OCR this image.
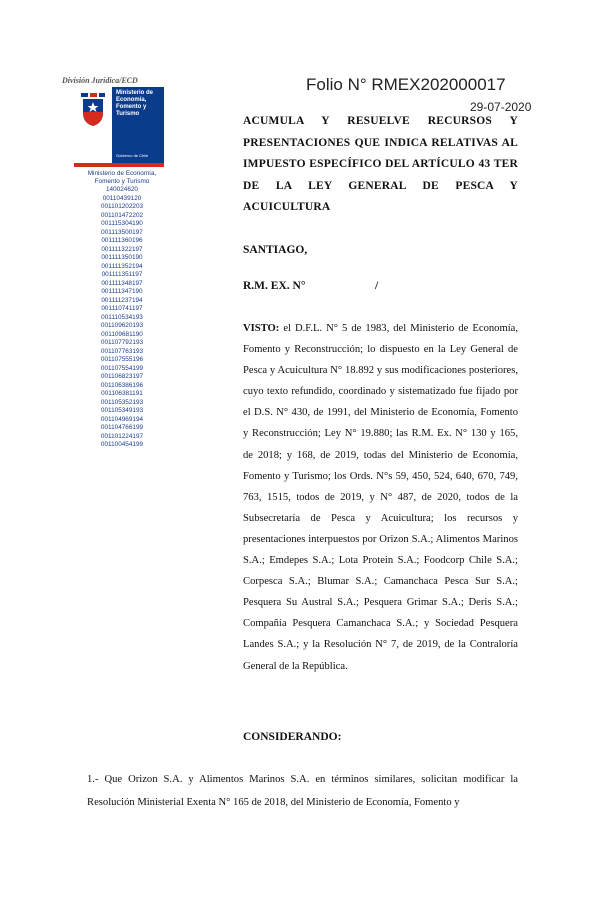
División Jurídica/ECD
Ministerio de Economía, Fomento y Turismo
Gobierno de Chile
Ministerio de Economía,
Fomento y Turismo
140024620
00110439120
001101202203
001101472202
001115304190
001113500197
001111360196
001111322197
001111350190
001111352194
001111351197
001111348197
001111347190
001111237194
001110741197
001110534193
001109620193
001109681190
001107792193
001107763193
001107555196
001107554199
001106823197
001106386196
001106381191
001105352193
001105349193
001104969194
001104766199
001101224197
001100454199
Folio N° RMEX202000017
29-07-2020
ACUMULA Y RESUELVE RECURSOS Y PRESENTACIONES QUE INDICA RELATIVAS AL IMPUESTO ESPECÍFICO DEL ARTÍCULO 43 TER DE LA LEY GENERAL DE PESCA Y ACUICULTURA
SANTIAGO,
R.M. EX. N°	/
VISTO: el D.F.L. N° 5 de 1983, del Ministerio de Economía, Fomento y Reconstrucción; lo dispuesto en la Ley General de Pesca y Acuicultura N° 18.892 y sus modificaciones posteriores, cuyo texto refundido, coordinado y sistematizado fue fijado por el D.S. N° 430, de 1991, del Ministerio de Economía, Fomento y Reconstrucción; Ley N° 19.880; las R.M. Ex. N° 130 y 165, de 2018; y 168, de 2019, todas del Ministerio de Economía, Fomento y Turismo; los Ords. N°s 59, 450, 524, 640, 670, 749, 763, 1515, todos de 2019, y N° 487, de 2020, todos de la Subsecretaría de Pesca y Acuicultura; los recursos y presentaciones interpuestos por Orizon S.A.; Alimentos Marinos S.A.; Emdepes S.A.; Lota Protein S.A.; Foodcorp Chile S.A.; Corpesca S.A.; Blumar S.A.; Camanchaca Pesca Sur S.A.; Pesquera Su Austral S.A.; Pesquera Grimar S.A.; Deris S.A.; Compañía Pesquera Camanchaca S.A.; y Sociedad Pesquera Landes S.A.; y la Resolución N° 7, de 2019, de la Contraloría General de la República.
CONSIDERANDO:
1.- Que Orizon S.A. y Alimentos Marinos S.A. en términos similares, solicitan modificar la Resolución Ministerial Exenta N° 165 de 2018, del Ministerio de Economía, Fomento y
